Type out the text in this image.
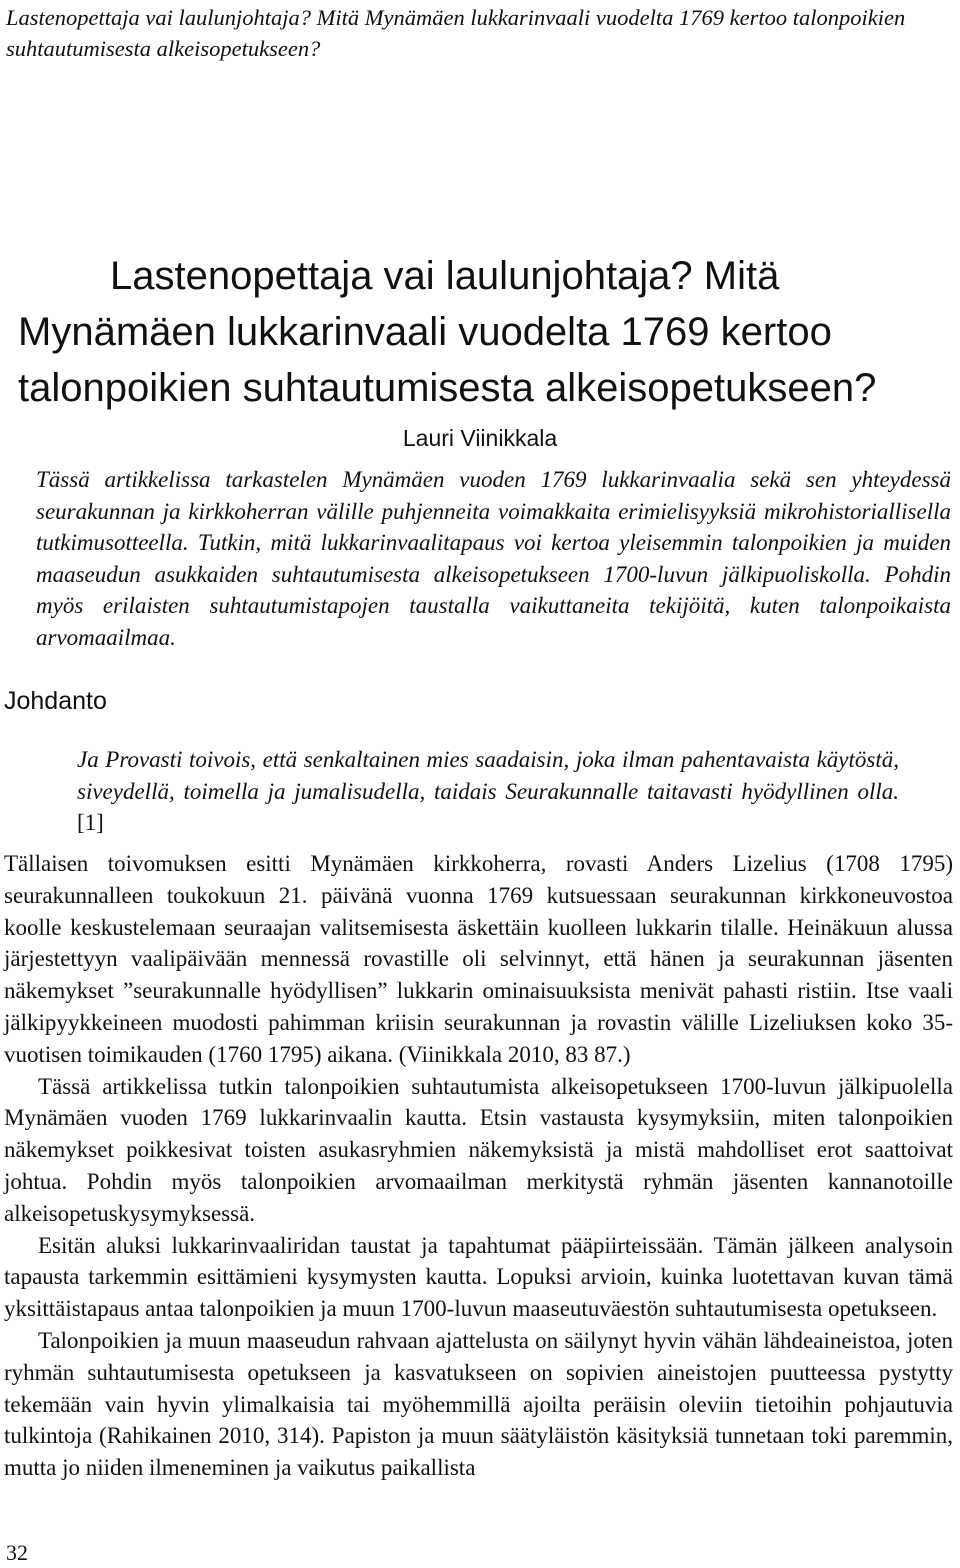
Lastenopettaja vai laulunjohtaja? Mitä Mynämäen lukkarinvaali vuodelta 1769 kertoo talonpoikien suhtautumisesta alkeisopetukseen?
Lastenopettaja vai laulunjohtaja? Mitä
Mynämäen lukkarinvaali vuodelta 1769 kertoo
talonpoikien suhtautumisesta alkeisopetukseen?
Lauri Viinikkala
Tässä artikkelissa tarkastelen Mynämäen vuoden 1769 lukkarinvaalia sekä sen yhteydessä seurakunnan ja kirkkoherran välille puhjenneita voimakkaita erimielisyyksiä mikrohistoriallisella tutkimusotteella. Tutkin, mitä lukkarinvaalitapaus voi kertoa yleisemmin talonpoikien ja muiden maaseudun asukkaiden suhtautumisesta alkeisopetukseen 1700-luvun jälkipuoliskolla. Pohdin myös erilaisten suhtautumistapojen taustalla vaikuttaneita tekijöitä, kuten talonpoikaista arvomaailmaa.
Johdanto
Ja Provasti toivois, että senkaltainen mies saadaisin, joka ilman pahentavaista käytöstä, siveydellä, toimella ja jumalisudella, taidais Seurakunnalle taitavasti hyödyllinen olla. [1]

Tällaisen toivomuksen esitti Mynämäen kirkkoherra, rovasti Anders Lizelius (1708 1795) seurakunnalleen toukokuun 21. päivänä vuonna 1769 kutsuessaan seurakunnan kirkkoneuvostoa koolle keskustelemaan seuraajan valitsemisesta äskettäin kuolleen lukkarin tilalle. Heinäkuun alussa järjestettyyn vaalipäivään mennessä rovastille oli selvinnyt, että hänen ja seurakunnan jäsenten näkemykset ”seurakunnalle hyödyllisen” lukkarin ominaisuuksista menivät pahasti ristiin. Itse vaali jälkipyykkeineen muodosti pahimman kriisin seurakunnan ja rovastin välille Lizeliuksen koko 35-vuotisen toimikauden (1760 1795) aikana. (Viinikkala 2010, 83 87.)

Tässä artikkelissa tutkin talonpoikien suhtautumista alkeisopetukseen 1700-luvun jälkipuolella Mynämäen vuoden 1769 lukkarinvaalin kautta. Etsin vastausta kysymyksiin, miten talonpoikien näkemykset poikkesivat toisten asukasryhmien näkemyksistä ja mistä mahdolliset erot saattoivat johtua. Pohdin myös talonpoikien arvomaailman merkitystä ryhmän jäsenten kannanotoille alkeisopetuskysymyksessä.

Esitän aluksi lukkarinvaaliridan taustat ja tapahtumat pääpiirteissään. Tämän jälkeen analysoin tapausta tarkemmin esittämieni kysymysten kautta. Lopuksi arvioin, kuinka luotettavan kuvan tämä yksittäistapaus antaa talonpoikien ja muun 1700-luvun maaseutuväestön suhtautumisesta opetukseen.

Talonpoikien ja muun maaseudun rahvaan ajattelusta on säilynyt hyvin vähän lähdeaineistoa, joten ryhmän suhtautumisesta opetukseen ja kasvatukseen on sopivien aineistojen puutteessa pystytty tekemään vain hyvin ylimalkaisia tai myöhemmillä ajoilta peräisin oleviin tietoihin pohjautuvia tulkintoja (Rahikainen 2010, 314). Papiston ja muun säätyläistön käsityksiä tunnetaan toki paremmin, mutta jo niiden ilmeneminen ja vaikutus paikallista

32
